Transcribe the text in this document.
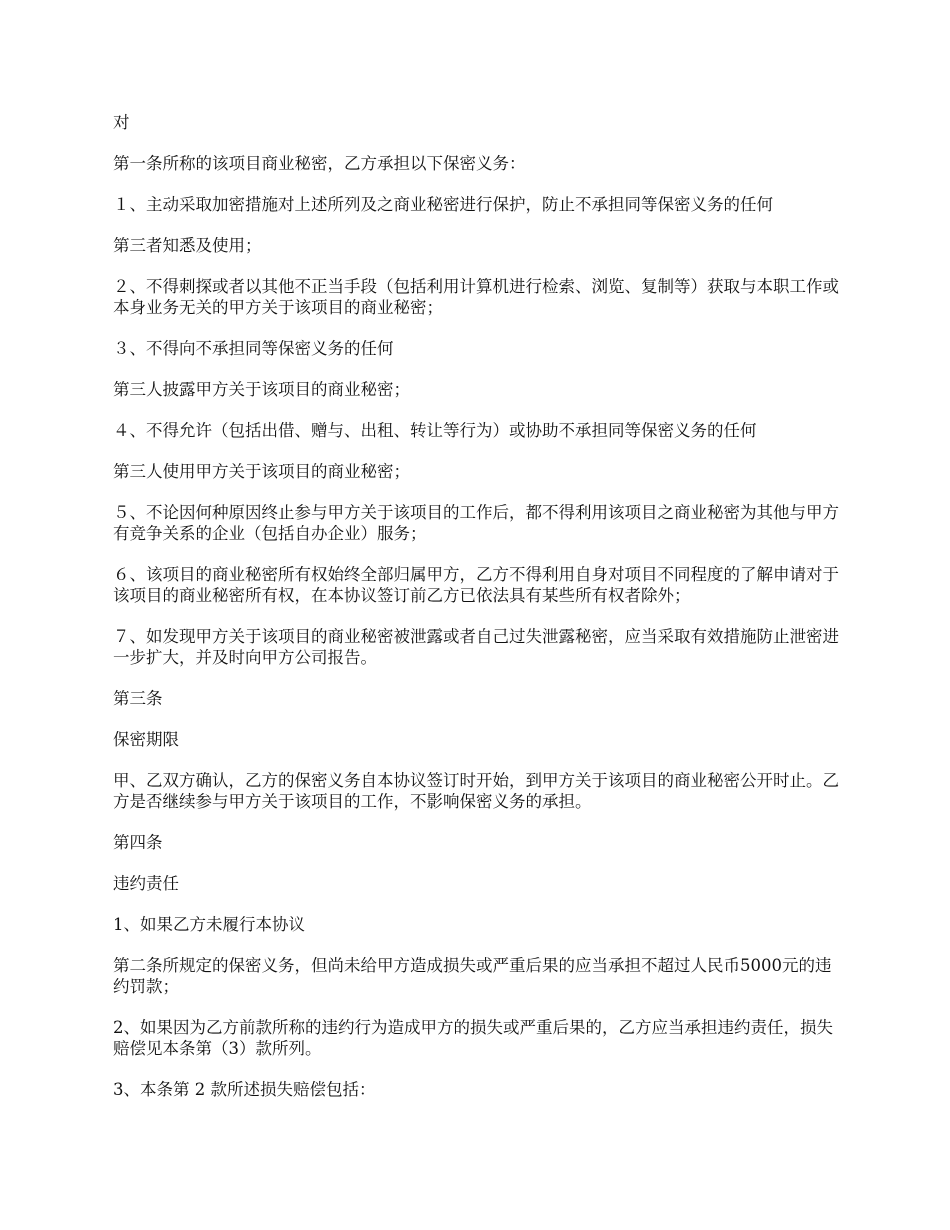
对

第一条所称的该项目商业秘密，乙方承担以下保密义务：

１、主动采取加密措施对上述所列及之商业秘密进行保护，防止不承担同等保密义务的任何

第三者知悉及使用；

２、不得刺探或者以其他不正当手段（包括利用计算机进行检索、浏览、复制等）获取与本职工作或本身业务无关的甲方关于该项目的商业秘密；

３、不得向不承担同等保密义务的任何

第三人披露甲方关于该项目的商业秘密；

４、不得允许（包括出借、赠与、出租、转让等行为）或协助不承担同等保密义务的任何

第三人使用甲方关于该项目的商业秘密；

５、不论因何种原因终止参与甲方关于该项目的工作后，都不得利用该项目之商业秘密为其他与甲方有竞争关系的企业（包括自办企业）服务；

６、该项目的商业秘密所有权始终全部归属甲方，乙方不得利用自身对项目不同程度的了解申请对于该项目的商业秘密所有权，在本协议签订前乙方已依法具有某些所有权者除外；

７、如发现甲方关于该项目的商业秘密被泄露或者自己过失泄露秘密，应当采取有效措施防止泄密进一步扩大，并及时向甲方公司报告。

第三条

保密期限

甲、乙双方确认，乙方的保密义务自本协议签订时开始，到甲方关于该项目的商业秘密公开时止。乙方是否继续参与甲方关于该项目的工作，不影响保密义务的承担。

第四条

违约责任

1、如果乙方未履行本协议

第二条所规定的保密义务，但尚未给甲方造成损失或严重后果的应当承担不超过人民币5000元的违约罚款；

2、如果因为乙方前款所称的违约行为造成甲方的损失或严重后果的，乙方应当承担违约责任，损失赔偿见本条第（3）款所列。

3、本条第 2 款所述损失赔偿包括：
